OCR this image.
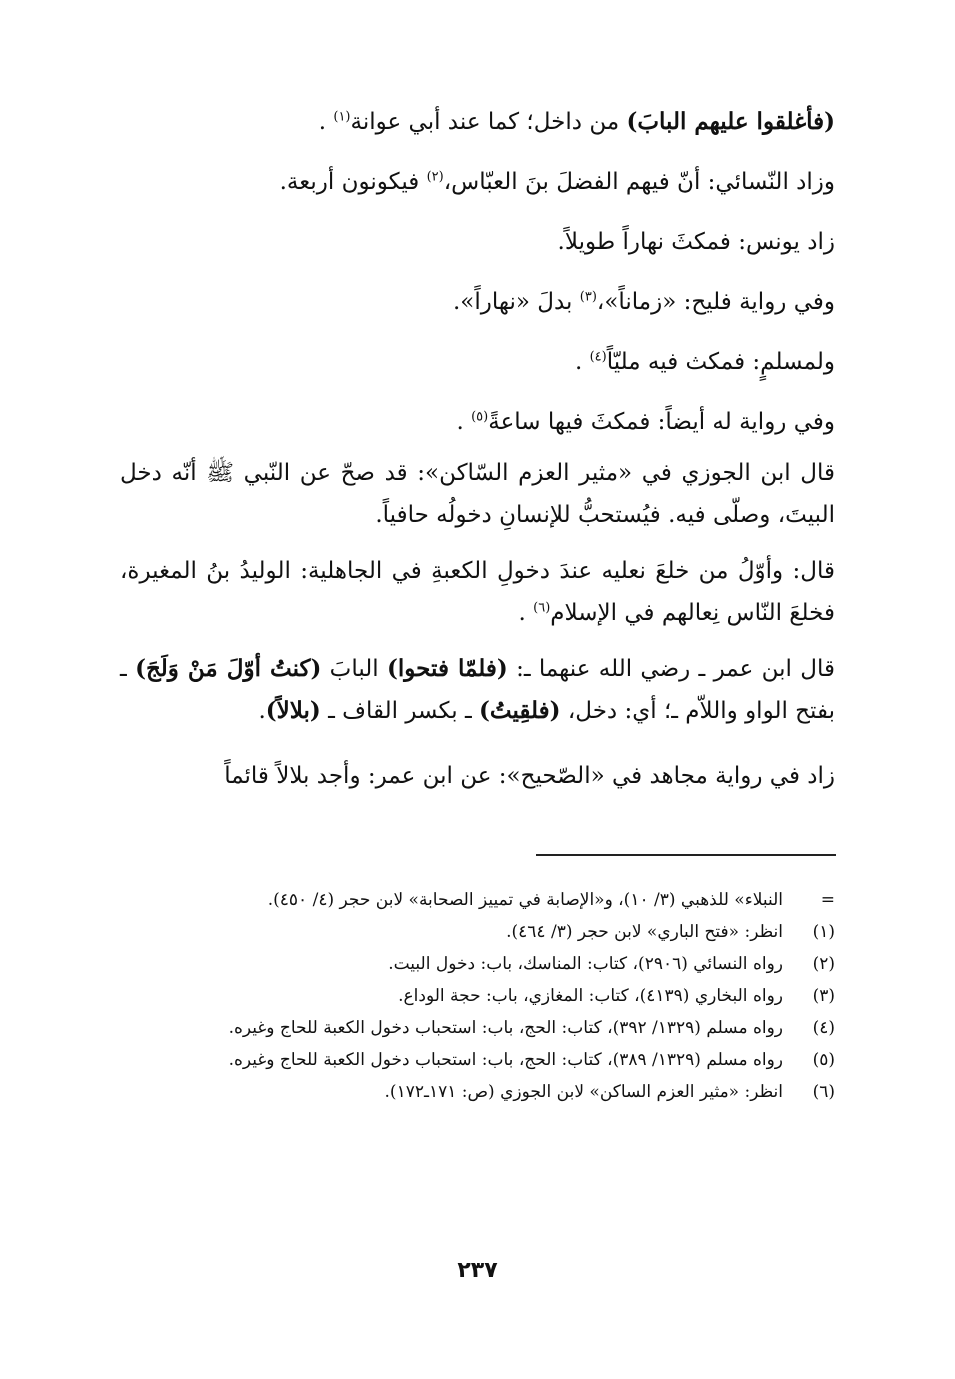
(فأغلقوا عليهم البابَ) من داخل؛ كما عند أبي عوانة$^{(١)}$ .

وزاد النّسائي: أنّ فيهم الفضلَ بنَ العبّاس،$^{(٢)}$ فيكونون أربعة.

زاد يونس: فمكثَ نهاراً طويلاً.

وفي رواية فليح: «زماناً»،$^{(٣)}$ بدلَ «نهاراً».

ولمسلمٍ: فمكث فيه مليّاً$^{(٤)}$ .

وفي رواية له أيضاً: فمكثَ فيها ساعةً$^{(٥)}$ .

قال ابن الجوزي في «مثير العزم السّاكن»: قد صحّ عن النّبي ﷺ أنّه دخل البيتَ، وصلّى فيه. فيُستحبُّ للإنسانِ دخولُه حافياً.

قال: وأوّلُ من خلعَ نعليه عندَ دخولِ الكعبةِ في الجاهلية: الوليدُ بنُ المغيرة، فخلعَ النّاس نِعالهم في الإسلام$^{(٦)}$ .

قال ابن عمر ـ رضي الله عنهما ـ: (فلمّا فتحوا) البابَ (كنتُ أوّلَ مَنْ وَلَجَ) ـ بفتح الواو واللاّم ـ؛ أي: دخل، (فلقِيتُ) ـ بكسر القاف ـ (بلالاً).

زاد في رواية مجاهد في «الصّحيح»: عن ابن عمر: وأجد بلالاً قائماً

=
النبلاء» للذهبي (٣/ ١٠)، و«الإصابة في تمييز الصحابة» لابن حجر (٤/ ٤٥٠).
(١)
انظر: «فتح الباري» لابن حجر (٣/ ٤٦٤).
(٢)
رواه النسائي (٢٩٠٦)، كتاب: المناسك، باب: دخول البيت.
(٣)
رواه البخاري (٤١٣٩)، كتاب: المغازي، باب: حجة الوداع.
(٤)
رواه مسلم (١٣٢٩/ ٣٩٢)، كتاب: الحج، باب: استحباب دخول الكعبة للحاج وغيره.
(٥)
رواه مسلم (١٣٢٩/ ٣٨٩)، كتاب: الحج، باب: استحباب دخول الكعبة للحاج وغيره.
(٦)
انظر: «مثير العزم الساكن» لابن الجوزي (ص: ١٧١ـ١٧٢).
٢٣٧
